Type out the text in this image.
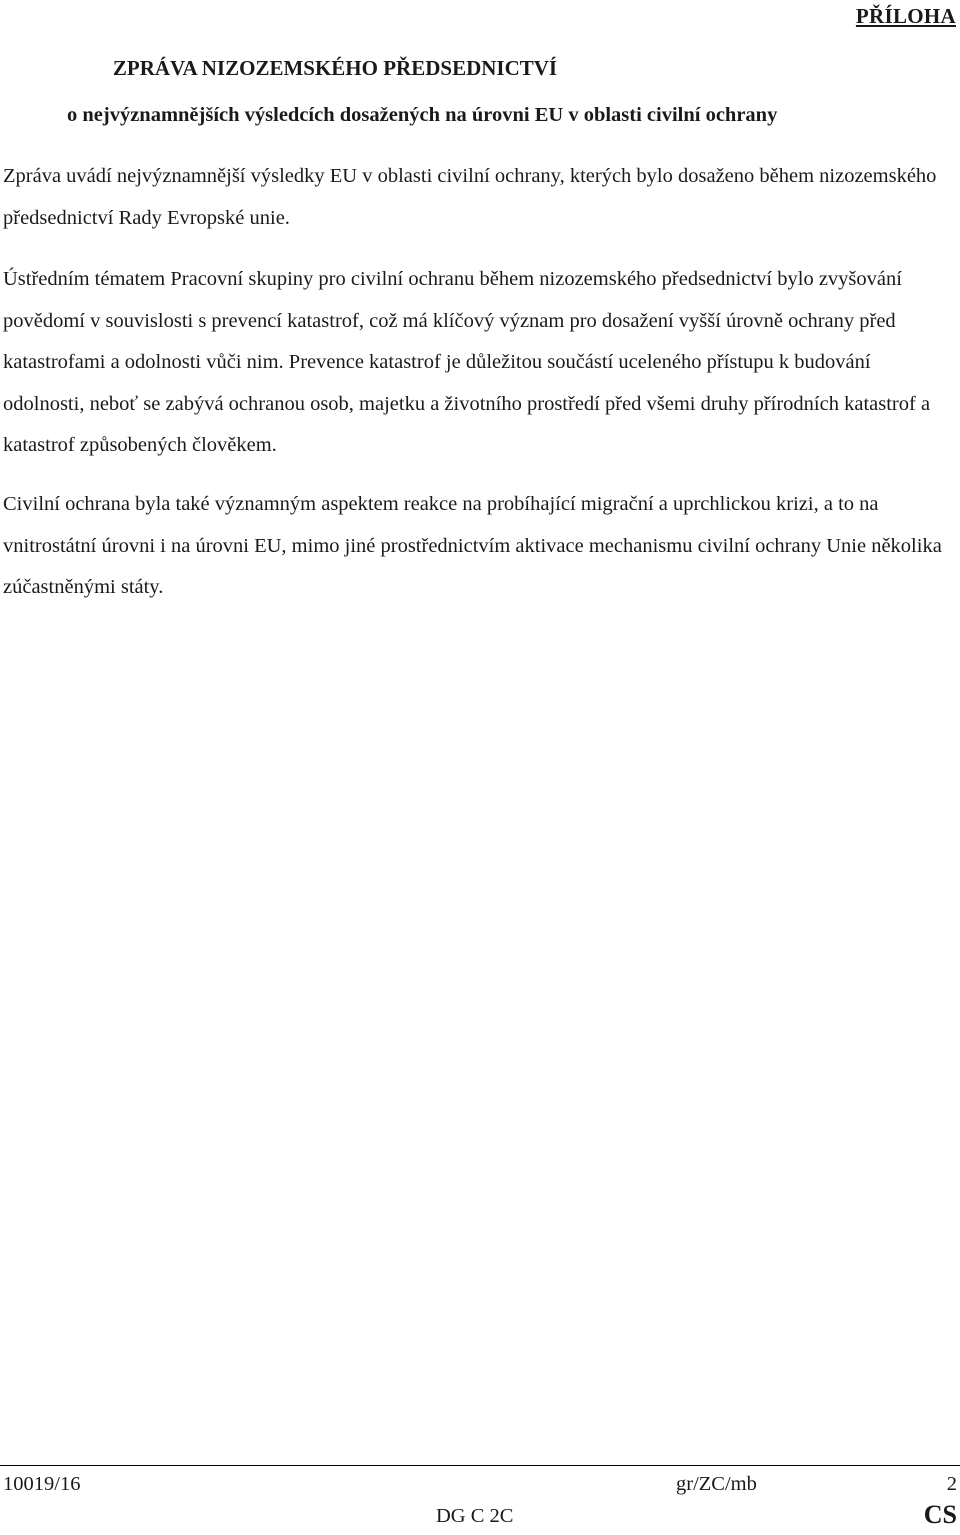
PŘÍLOHA
ZPRÁVA NIZOZEMSKÉHO PŘEDSEDNICTVÍ
o nejvýznamnějších výsledcích dosažených na úrovni EU v oblasti civilní ochrany

Zpráva uvádí nejvýznamnější výsledky EU v oblasti civilní ochrany, kterých bylo dosaženo během nizozemského předsednictví Rady Evropské unie.

Ústředním tématem Pracovní skupiny pro civilní ochranu během nizozemského předsednictví bylo zvyšování povědomí v souvislosti s prevencí katastrof, což má klíčový význam pro dosažení vyšší úrovně ochrany před katastrofami a odolnosti vůči nim. Prevence katastrof je důležitou součástí uceleného přístupu k budování odolnosti, neboť se zabývá ochranou osob, majetku a životního prostředí před všemi druhy přírodních katastrof a katastrof způsobených člověkem.

Civilní ochrana byla také významným aspektem reakce na probíhající migrační a uprchlickou krizi, a to na vnitrostátní úrovni i na úrovni EU, mimo jiné prostřednictvím aktivace mechanismu civilní ochrany Unie několika zúčastněnými státy.

10019/16	gr/ZC/mb	2
DG C 2C	CS
